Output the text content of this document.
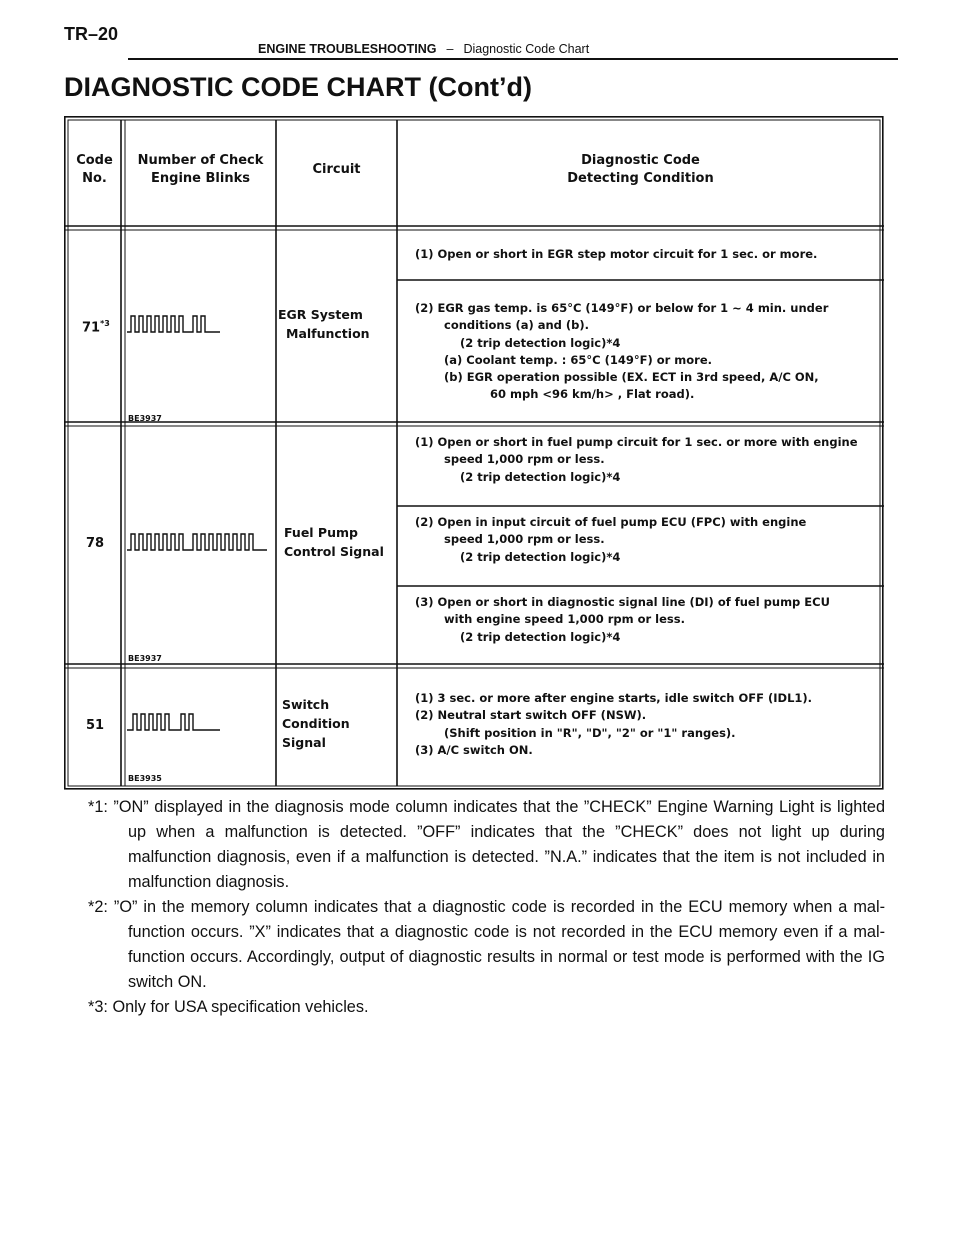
TR–20
ENGINE TROUBLESHOOTING – Diagnostic Code Chart
DIAGNOSTIC CODE CHART (Cont’d)
Code
No.
Number of Check
Engine Blinks
Circuit
Diagnostic Code
Detecting Condition
71$^{*3}$
BE3937
EGR System
Malfunction
(1) Open or short in EGR step motor circuit for 1 sec. or more.
(2) EGR gas temp. is 65°C (149°F) or below for 1 ~ 4 min. under
conditions (a) and (b).
(2 trip detection logic)*4
(a) Coolant temp. : 65°C (149°F) or more.
(b) EGR operation possible (EX. ECT in 3rd speed, A/C ON,
60 mph <96 km/h> , Flat road).
78
BE3937
Fuel Pump
Control Signal
(1) Open or short in fuel pump circuit for 1 sec. or more with engine
speed 1,000 rpm or less.
(2 trip detection logic)*4
(2) Open in input circuit of fuel pump ECU (FPC) with engine
speed 1,000 rpm or less.
(2 trip detection logic)*4
(3) Open or short in diagnostic signal line (DI) of fuel pump ECU
with engine speed 1,000 rpm or less.
(2 trip detection logic)*4
51
BE3935
Switch
Condition
Signal
(1) 3 sec. or more after engine starts, idle switch OFF (IDL1).
(2) Neutral start switch OFF (NSW).
(Shift position in "R", "D", "2" or "1" ranges).
(3) A/C switch ON.

*1: ”ON” displayed in the diagnosis mode column indicates that the ”CHECK” Engine Warning Light is lighted up when a malfunction is detected. ”OFF” indicates that the ”CHECK” does not light up during malfunction diagnosis, even if a malfunction is detected. ”N.A.” indicates that the item is not included in malfunction diagnosis.

*2: ”O” in the memory column indicates that a diagnostic code is recorded in the ECU memory when a mal-function occurs. ”X” indicates that a diagnostic code is not recorded in the ECU memory even if a mal-function occurs. Accordingly, output of diagnostic results in normal or test mode is performed with the IG switch ON.

*3: Only for USA specification vehicles.
